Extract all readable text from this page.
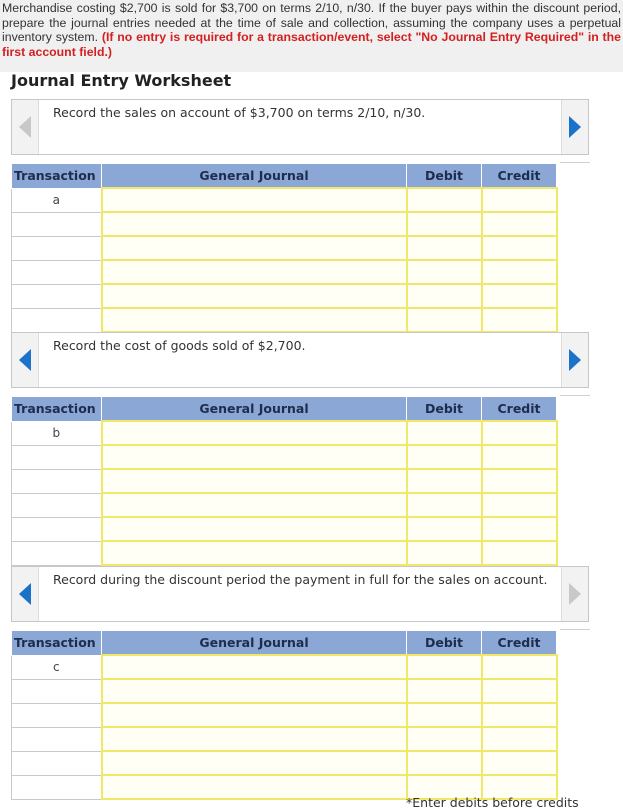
Merchandise costing $2,700 is sold for $3,700 on terms 2/10, n/30. If the buyer pays within the discount period, prepare the journal entries needed at the time of sale and collection, assuming the company uses a perpetual inventory system. (If no entry is required for a transaction/event, select "No Journal Entry Required" in the first account field.)
Journal Entry Worksheet
Record the sales on account of $3,700 on terms 2/10, n/30.
Transaction	General Journal	Debit	Credit
a			

Record the cost of goods sold of $2,700.
Transaction	General Journal	Debit	Credit
b			

Record during the discount period the payment in full for the sales on account.
Transaction	General Journal	Debit	Credit
c			

*Enter debits before credits
